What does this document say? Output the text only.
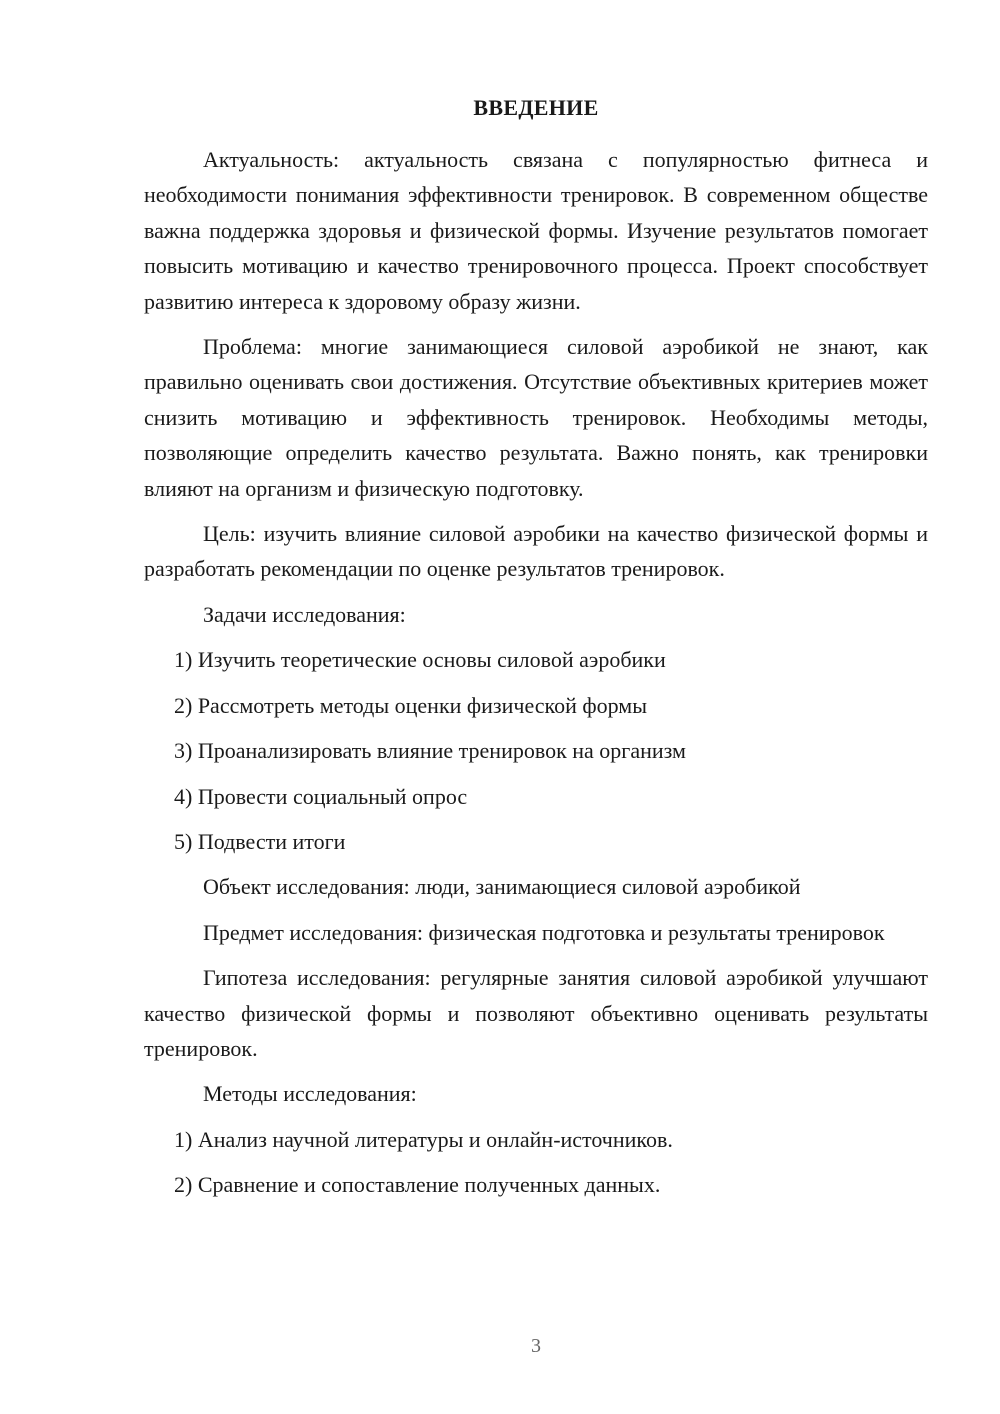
ВВЕДЕНИЕ

Актуальность: актуальность связана с популярностью фитнеса и необходимости понимания эффективности тренировок. В современном обществе важна поддержка здоровья и физической формы. Изучение результатов помогает повысить мотивацию и качество тренировочного процесса. Проект способствует развитию интереса к здоровому образу жизни.

Проблема: многие занимающиеся силовой аэробикой не знают, как правильно оценивать свои достижения. Отсутствие объективных критериев может снизить мотивацию и эффективность тренировок. Необходимы методы, позволяющие определить качество результата. Важно понять, как тренировки влияют на организм и физическую подготовку.

Цель: изучить влияние силовой аэробики на качество физической формы и разработать рекомендации по оценке результатов тренировок.

Задачи исследования:

1) Изучить теоретические основы силовой аэробики

2) Рассмотреть методы оценки физической формы

3) Проанализировать влияние тренировок на организм

4) Провести социальный опрос

5) Подвести итоги

Объект исследования: люди, занимающиеся силовой аэробикой

Предмет исследования: физическая подготовка и результаты тренировок

Гипотеза исследования: регулярные занятия силовой аэробикой улучшают качество физической формы и позволяют объективно оценивать результаты тренировок.

Методы исследования:

1) Анализ научной литературы и онлайн-источников.

2) Сравнение и сопоставление полученных данных.

3
